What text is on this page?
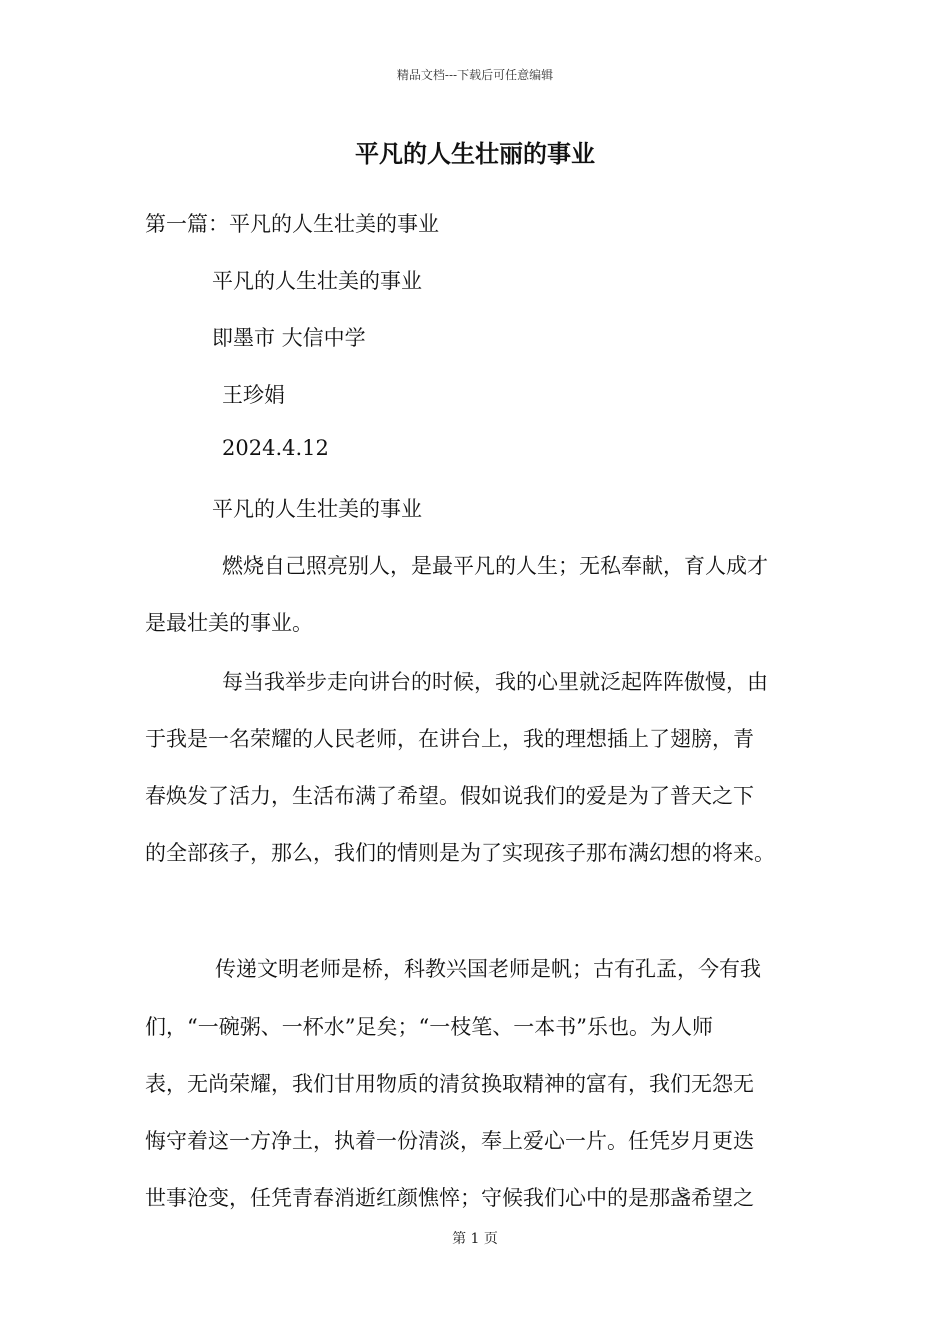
精品文档---下载后可任意编辑
平凡的人生壮丽的事业
第一篇：平凡的人生壮美的事业
平凡的人生壮美的事业
即墨市 大信中学
王珍娟
2024.4.12
平凡的人生壮美的事业
燃烧自己照亮别人，是最平凡的人生；无私奉献，育人成才
是最壮美的事业。
每当我举步走向讲台的时候，我的心里就泛起阵阵傲慢，由
于我是一名荣耀的人民老师，在讲台上，我的理想插上了翅膀，青
春焕发了活力，生活布满了希望。假如说我们的爱是为了普天之下
的全部孩子，那么，我们的情则是为了实现孩子那布满幻想的将来。
传递文明老师是桥，科教兴国老师是帆；古有孔孟，今有我
们，“一碗粥、一杯水”足矣；“一枝笔、一本书”乐也。为人师
表，无尚荣耀，我们甘用物质的清贫换取精神的富有，我们无怨无
悔守着这一方净土，执着一份清淡，奉上爱心一片。任凭岁月更迭
世事沧变，任凭青春消逝红颜憔悴；守候我们心中的是那盏希望之
第 1 页
